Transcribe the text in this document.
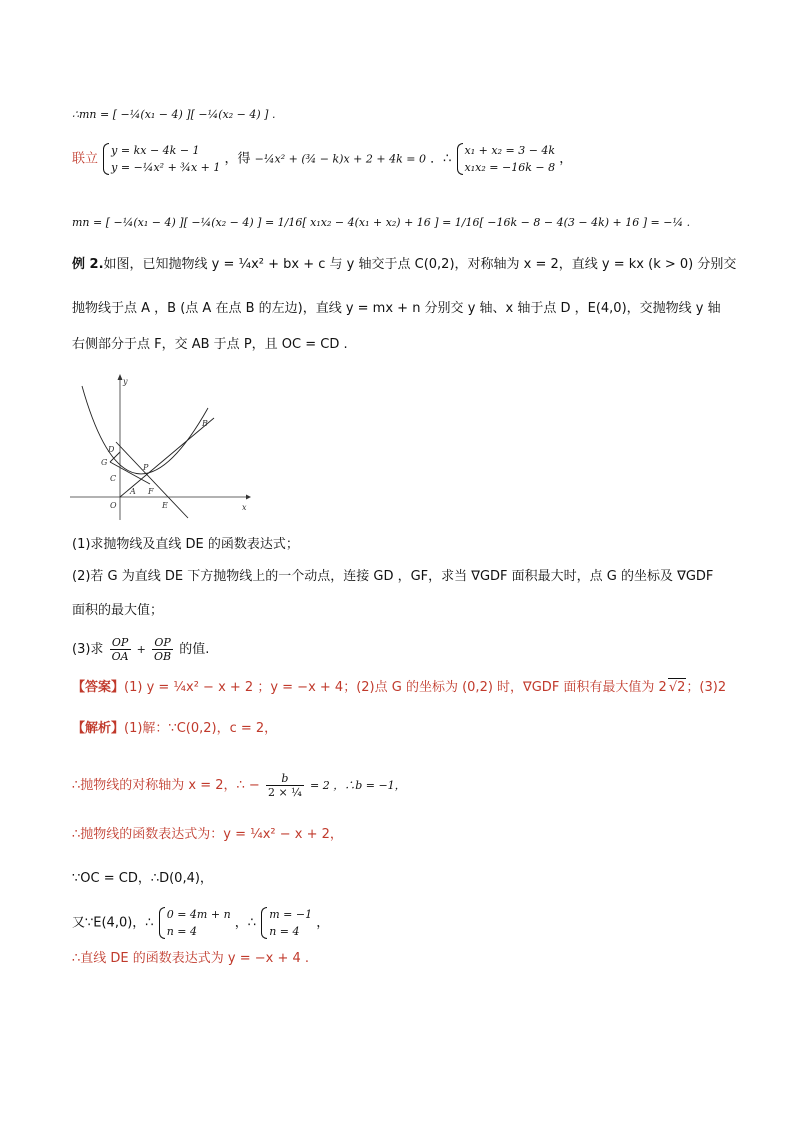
∴mn = [ −¼(x₁ − 4) ][ −¼(x₂ − 4) ] .
联立
y = kx − 4k − 1
y = −¼x² + ¾x + 1
，得 −¼x² + (¾ − k)x + 2 + 4k = 0 ．∴
x₁ + x₂ = 3 − 4k
x₁x₂ = −16k − 8
，
mn = [ −¼(x₁ − 4) ][ −¼(x₂ − 4) ] = 1/16[ x₁x₂ − 4(x₁ + x₂) + 16 ] = 1/16[ −16k − 8 − 4(3 − 4k) + 16 ] = −¼ .
例 2.如图，已知抛物线 y = ¼x² + bx + c 与 y 轴交于点 C(0,2)，对称轴为 x = 2，直线 y = kx (k > 0) 分别交
抛物线于点 A ，B (点 A 在点 B 的左边)，直线 y = mx + n 分别交 y 轴、x 轴于点 D ，E(4,0)，交抛物线 y 轴
右侧部分于点 F，交 AB 于点 P，且 OC = CD .
y
x
O
A
B
C
D
E
F
G
P
(1)求抛物线及直线 DE 的函数表达式；
(2)若 G 为直线 DE 下方抛物线上的一个动点，连接 GD ，GF，求当 ∇GDF 面积最大时，点 G 的坐标及 ∇GDF
面积的最大值；
(3)求 $\frac{OP}{OA} + \frac{OP}{OB}$ 的值.
【答案】(1) y = ¼x² − x + 2 ；y = −x + 4；(2)点 G 的坐标为 (0,2) 时，∇GDF 面积有最大值为 2 √2；(3)2
【解析】(1)解：∵C(0,2)，c = 2，
∴抛物线的对称轴为 x = 2，∴ − $\frac{b}{\text{2 × ¼}} = 2$ ，∴b = −1，
∴抛物线的函数表达式为：y = ¼x² − x + 2，
∵OC = CD，∴D(0,4)，
又∵E(4,0)，∴
0 = 4m + n
n = 4
，∴
m = −1
n = 4
，
∴直线 DE 的函数表达式为 y = −x + 4 .
